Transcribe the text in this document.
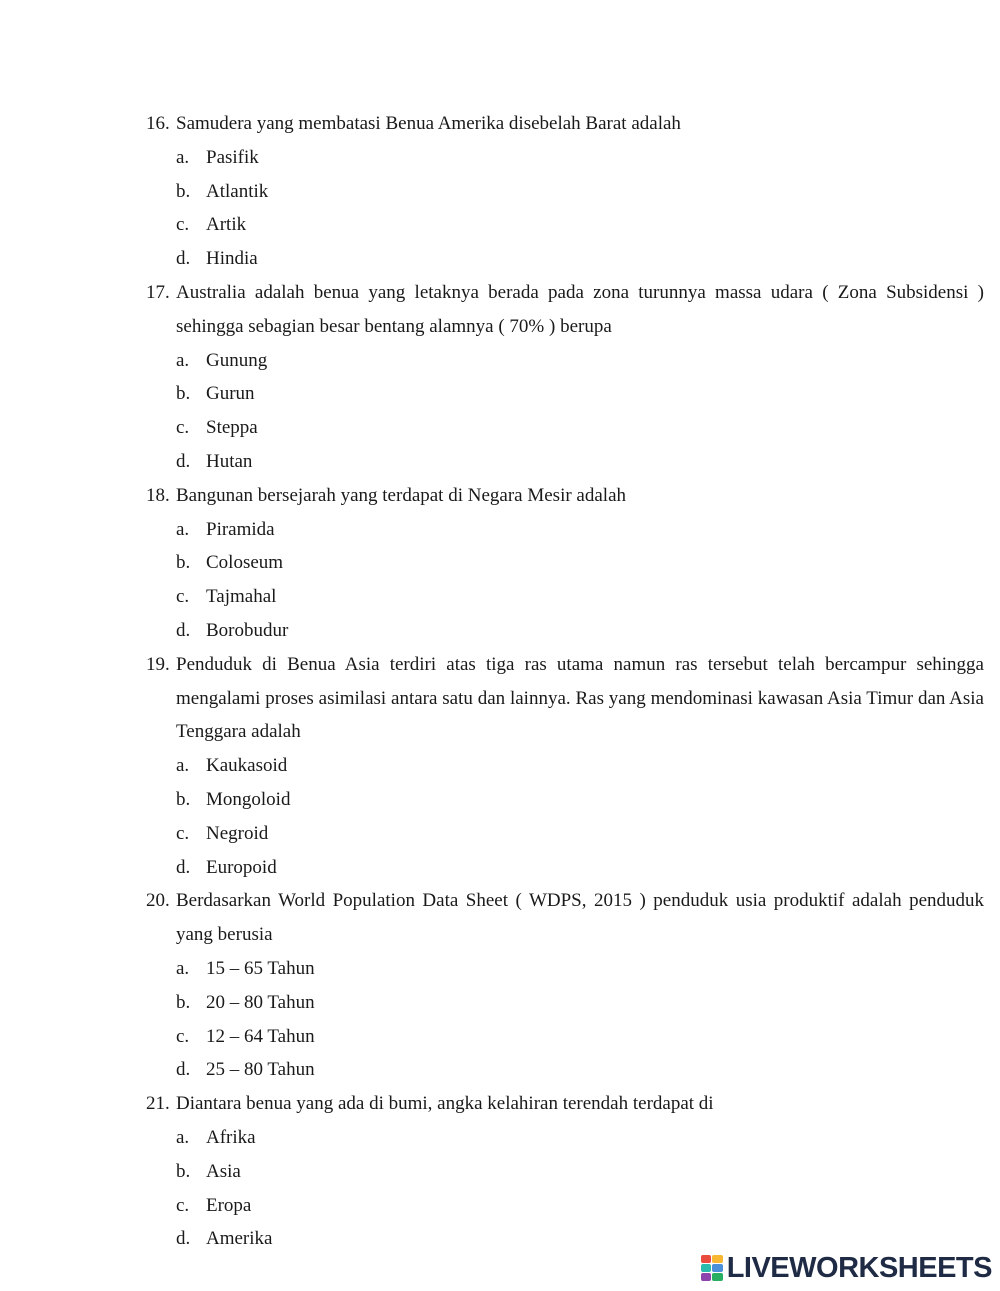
16. Samudera yang membatasi Benua Amerika disebelah Barat adalah
a. Pasifik
b. Atlantik
c. Artik
d. Hindia
17. Australia adalah benua yang letaknya berada pada zona turunnya massa udara ( Zona Subsidensi ) sehingga sebagian besar bentang alamnya ( 70% ) berupa
a. Gunung
b. Gurun
c. Steppa
d. Hutan
18. Bangunan bersejarah yang terdapat di Negara Mesir adalah
a. Piramida
b. Coloseum
c. Tajmahal
d. Borobudur
19. Penduduk di Benua Asia terdiri atas tiga ras utama namun ras tersebut telah bercampur sehingga mengalami proses asimilasi antara satu dan lainnya. Ras yang mendominasi kawasan Asia Timur dan Asia Tenggara adalah
a. Kaukasoid
b. Mongoloid
c. Negroid
d. Europoid
20. Berdasarkan World Population Data Sheet ( WDPS, 2015 ) penduduk usia produktif adalah penduduk yang berusia
a. 15 – 65 Tahun
b. 20 – 80 Tahun
c. 12 – 64 Tahun
d. 25 – 80 Tahun
21. Diantara benua yang ada di bumi, angka kelahiran terendah terdapat di
a. Afrika
b. Asia
c. Eropa
d. Amerika
LIVEWORKSHEETS
